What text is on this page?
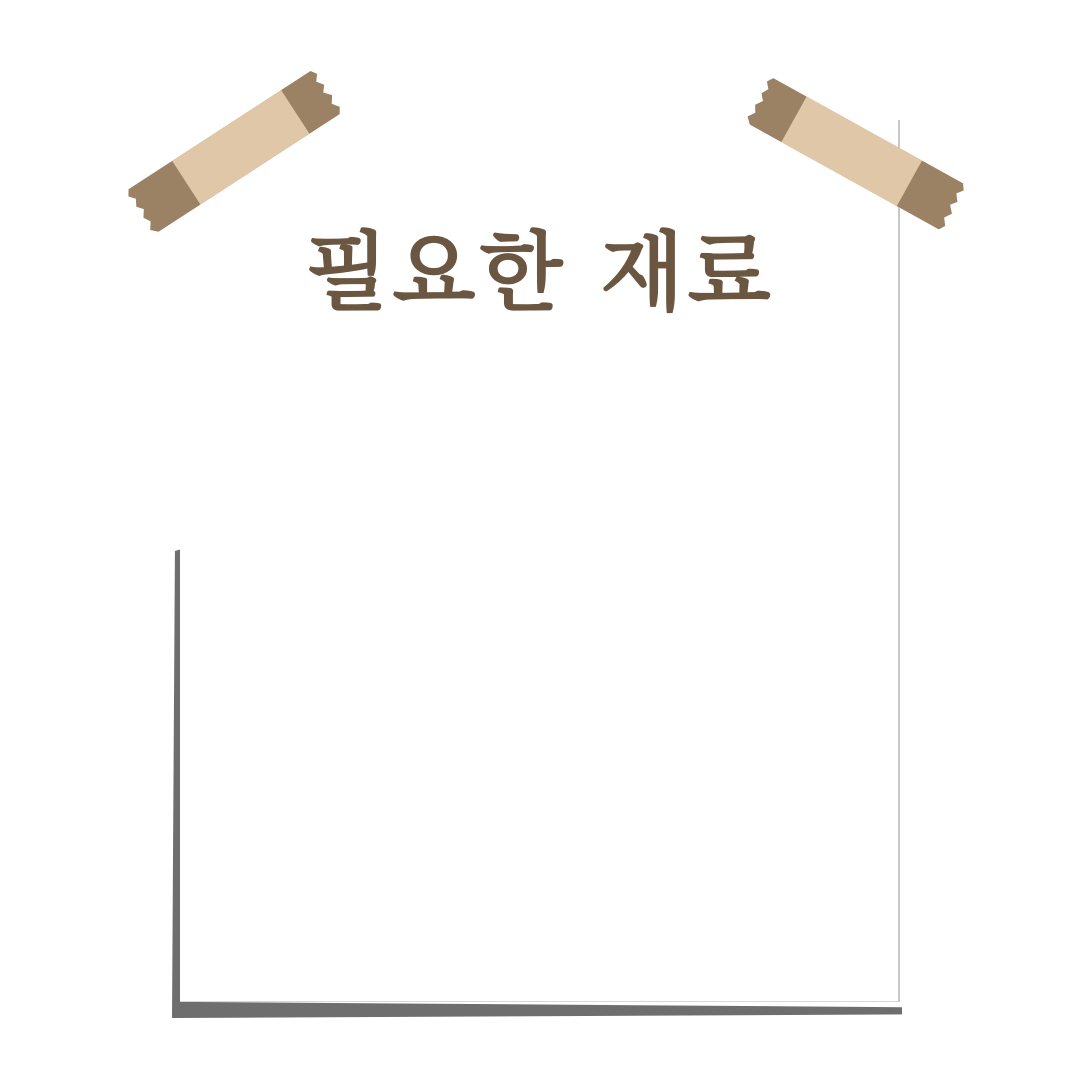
필요한 재료
